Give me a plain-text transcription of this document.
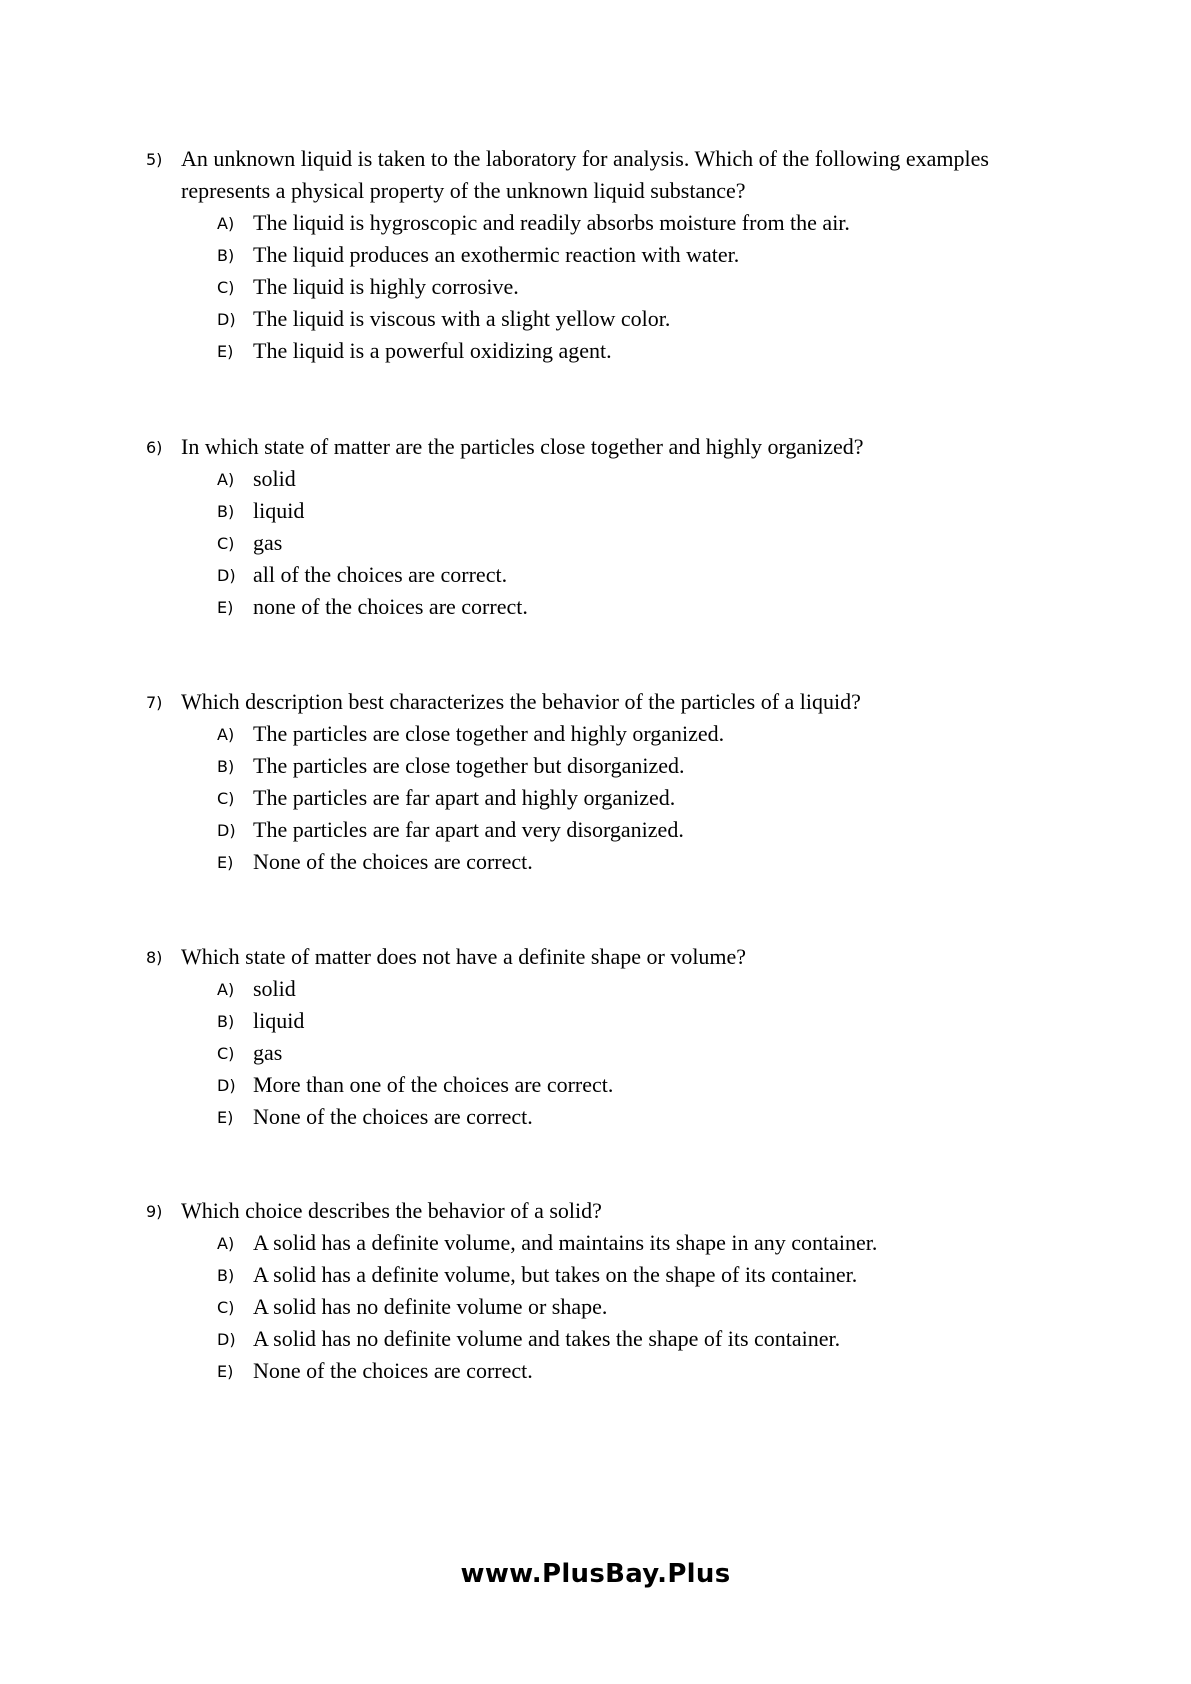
5) An unknown liquid is taken to the laboratory for analysis. Which of the following examples represents a physical property of the unknown liquid substance?
A) The liquid is hygroscopic and readily absorbs moisture from the air.
B) The liquid produces an exothermic reaction with water.
C) The liquid is highly corrosive.
D) The liquid is viscous with a slight yellow color.
E) The liquid is a powerful oxidizing agent.
6) In which state of matter are the particles close together and highly organized?
A) solid
B) liquid
C) gas
D) all of the choices are correct.
E) none of the choices are correct.
7) Which description best characterizes the behavior of the particles of a liquid?
A) The particles are close together and highly organized.
B) The particles are close together but disorganized.
C) The particles are far apart and highly organized.
D) The particles are far apart and very disorganized.
E) None of the choices are correct.
8) Which state of matter does not have a definite shape or volume?
A) solid
B) liquid
C) gas
D) More than one of the choices are correct.
E) None of the choices are correct.
9) Which choice describes the behavior of a solid?
A) A solid has a definite volume, and maintains its shape in any container.
B) A solid has a definite volume, but takes on the shape of its container.
C) A solid has no definite volume or shape.
D) A solid has no definite volume and takes the shape of its container.
E) None of the choices are correct.
www.PlusBay.Plus
